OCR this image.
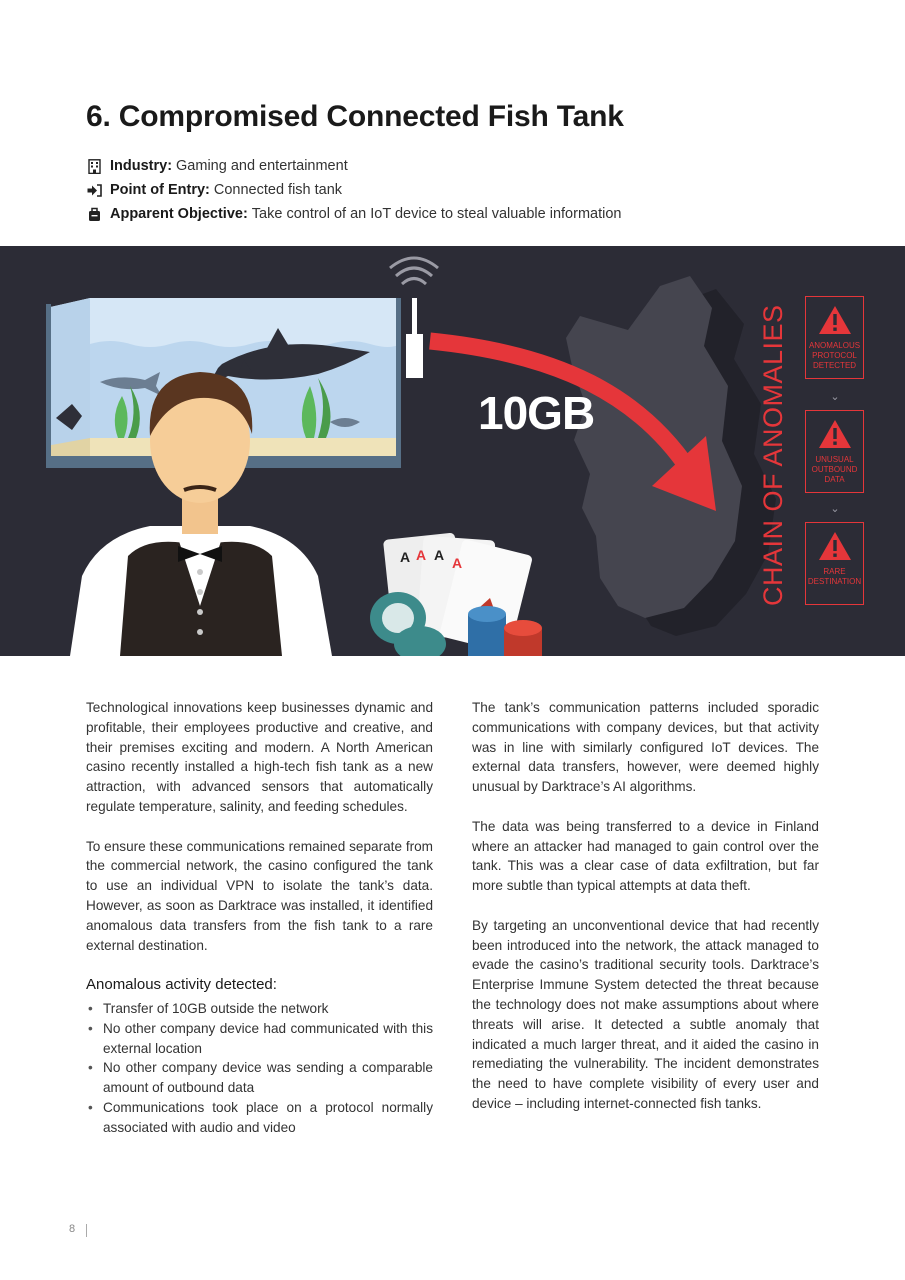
6. Compromised Connected Fish Tank
Industry: Gaming and entertainment
Point of Entry: Connected fish tank
Apparent Objective: Take control of an IoT device to steal valuable information
A A A A
10GB	CHAIN OF ANOMALIES	ANOMALOUS PROTOCOL DETECTED
⌄
UNUSUAL OUTBOUND DATA
⌄
RARE DESTINATION

Technological innovations keep businesses dynamic and profitable, their employees productive and creative, and their premises exciting and modern. A North American casino recently installed a high-tech fish tank as a new attraction, with advanced sensors that automatically regulate temperature, salinity, and feeding schedules.

To ensure these communications remained separate from the commercial network, the casino configured the tank to use an individual VPN to isolate the tank’s data. However, as soon as Darktrace was installed, it identified anomalous data transfers from the fish tank to a rare external destination.

Anomalous activity detected:
• Transfer of 10GB outside the network
• No other company device had communicated with this external location
• No other company device was sending a comparable amount of outbound data
• Communications took place on a protocol normally associated with audio and video

The tank’s communication patterns included sporadic communications with company devices, but that activity was in line with similarly configured IoT devices. The external data transfers, however, were deemed highly unusual by Darktrace’s AI algorithms.

The data was being transferred to a device in Finland where an attacker had managed to gain control over the tank. This was a clear case of data exfiltration, but far more subtle than typical attempts at data theft.

By targeting an unconventional device that had recently been introduced into the network, the attack managed to evade the casino’s traditional security tools. Darktrace’s Enterprise Immune System detected the threat because the technology does not make assumptions about where threats will arise. It detected a subtle anomaly that indicated a much larger threat, and it aided the casino in remediating the vulnerability. The incident demonstrates the need to have complete visibility of every user and device – including internet-connected fish tanks.

8
